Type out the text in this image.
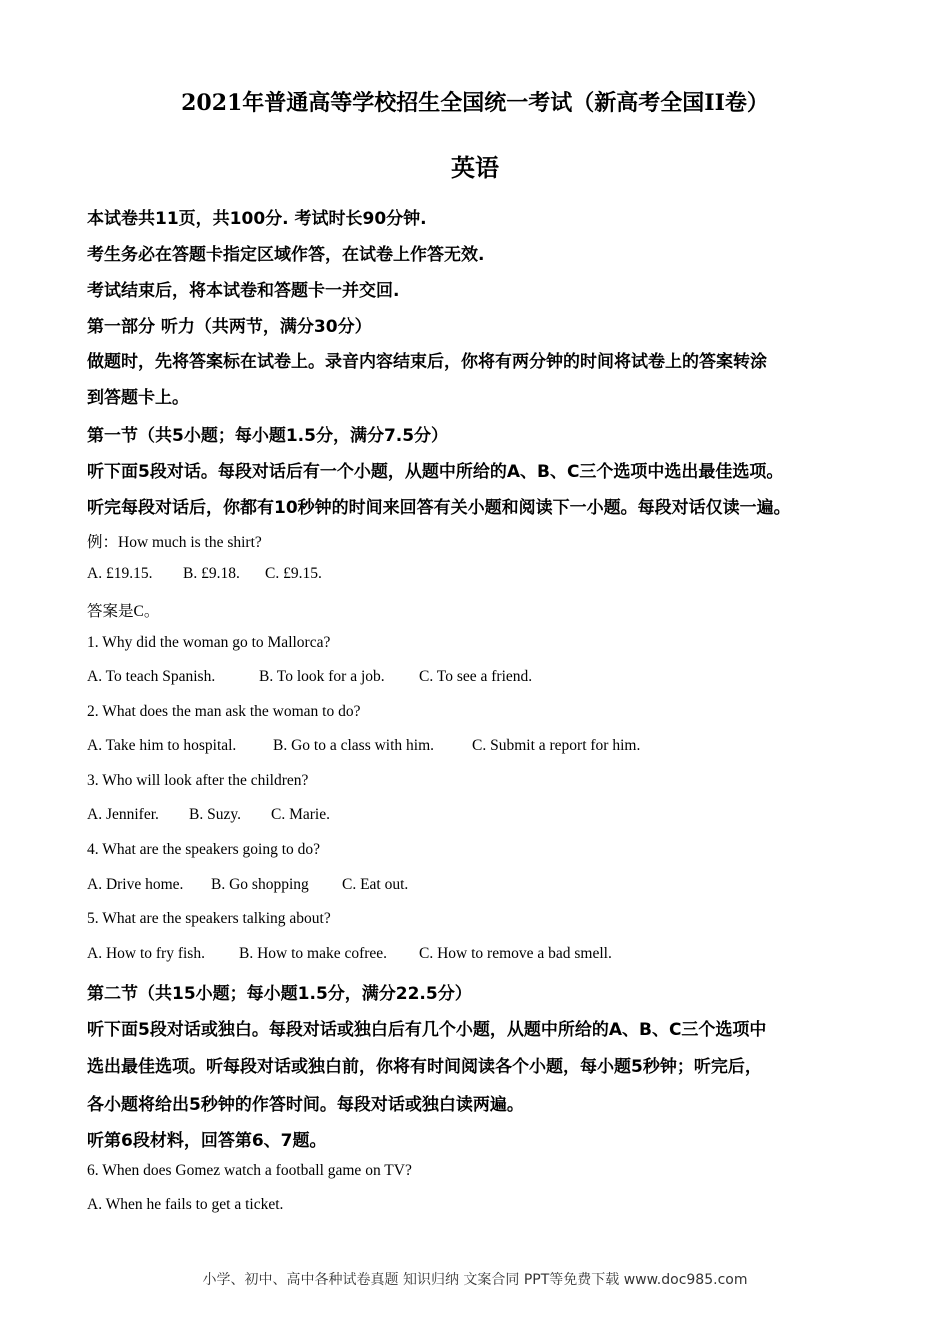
2021年普通高等学校招生全国统一考试（新高考全国II卷）
英语
本试卷共11页，共100分. 考试时长90分钟.
考生务必在答题卡指定区域作答，在试卷上作答无效.
考试结束后，将本试卷和答题卡一并交回.
第一部分 听力（共两节，满分30分）
做题时，先将答案标在试卷上。录音内容结束后，你将有两分钟的时间将试卷上的答案转涂
到答题卡上。
第一节（共5小题；每小题1.5分，满分7.5分）
听下面5段对话。每段对话后有一个小题，从题中所给的A、B、C三个选项中选出最佳选项。
听完每段对话后，你都有10秒钟的时间来回答有关小题和阅读下一小题。每段对话仅读一遍。
例：How much is the shirt?
A. £19.15. B. £9.18. C. £9.15.
答案是C。
1. Why did the woman go to Mallorca?
A. To teach Spanish.	B. To look for a job. C. To see a friend.
2. What does the man ask the woman to do?
A. Take him to hospital. B. Go to a class with him. C. Submit a report for him.
3. Who will look after the children?
A. Jennifer. B. Suzy. C. Marie.
4. What are the speakers going to do?
A. Drive home. B. Go shopping C. Eat out.
5. What are the speakers talking about?
A. How to fry fish. B. How to make cofree. C. How to remove a bad smell.
第二节（共15小题；每小题1.5分，满分22.5分）
听下面5段对话或独白。每段对话或独白后有几个小题，从题中所给的A、B、C三个选项中
选出最佳选项。听每段对话或独白前，你将有时间阅读各个小题，每小题5秒钟；听完后，
各小题将给出5秒钟的作答时间。每段对话或独白读两遍。
听第6段材料，回答第6、7题。
6. When does Gomez watch a football game on TV?
A. When he fails to get a ticket.
小学、初中、高中各种试卷真题 知识归纳 文案合同 PPT等免费下载 www.doc985.com
